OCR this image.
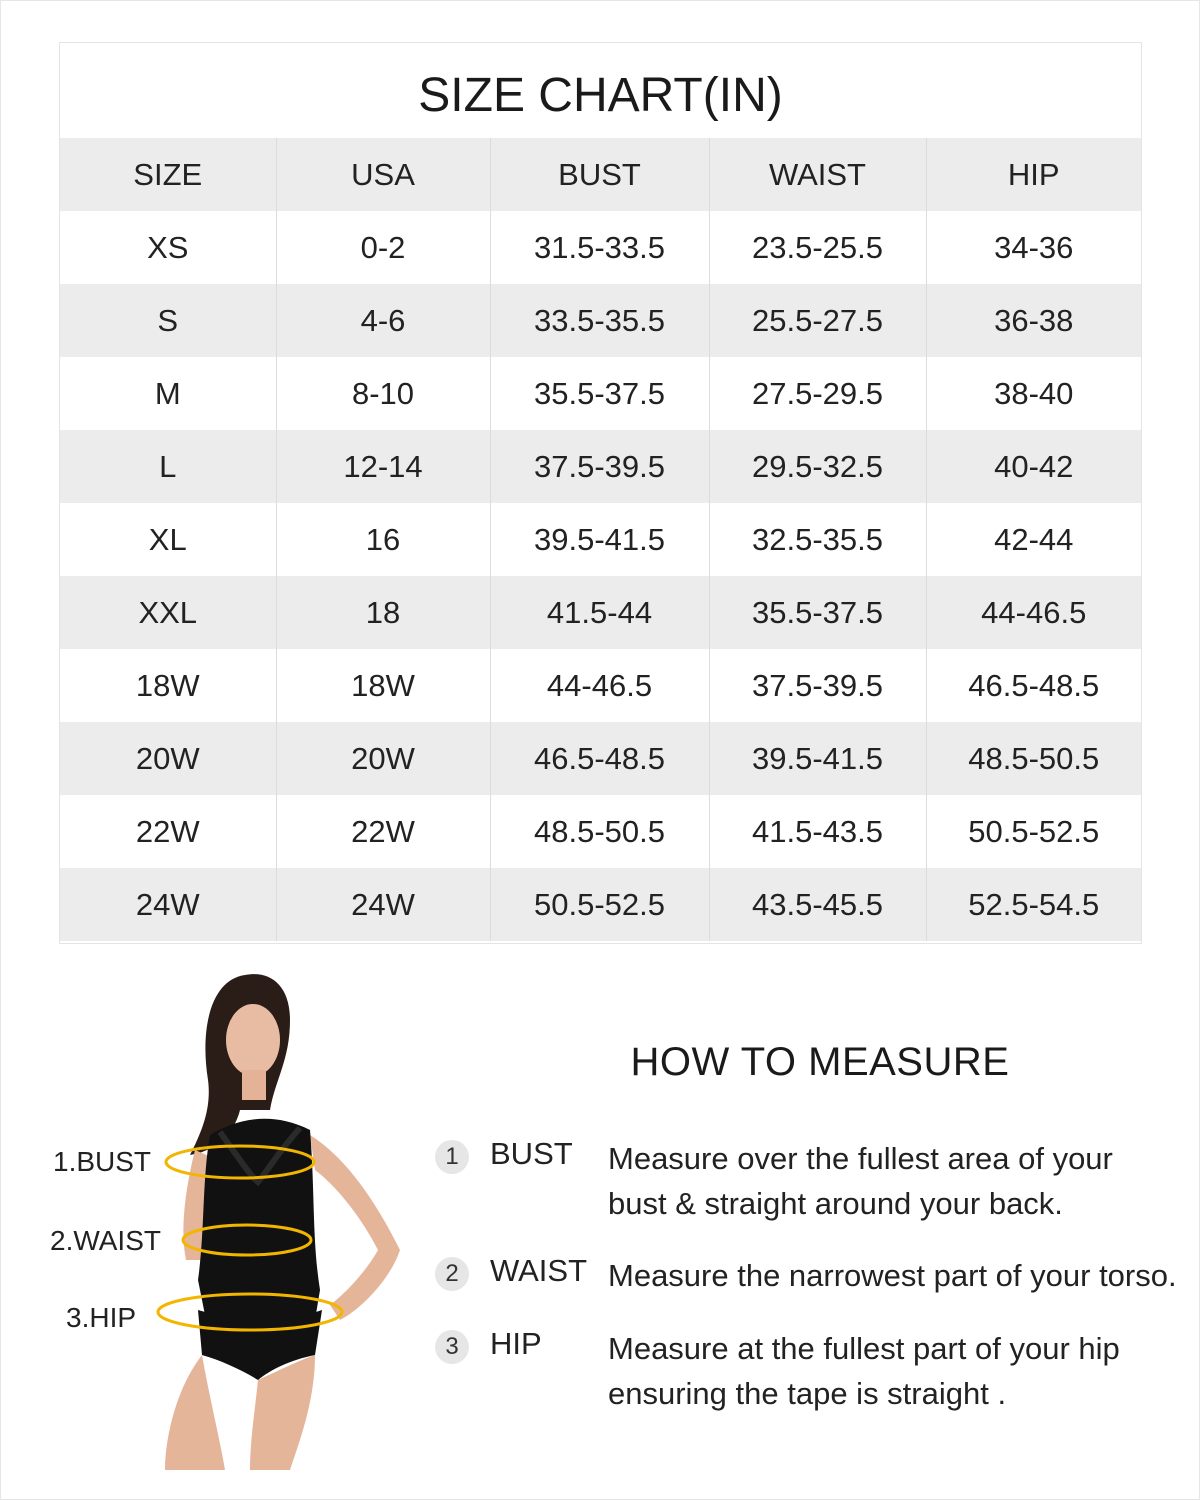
SIZE CHART(IN)
SIZE	USA	BUST	WAIST	HIP
XS	0-2	31.5-33.5	23.5-25.5	34-36
S	4-6	33.5-35.5	25.5-27.5	36-38
M	8-10	35.5-37.5	27.5-29.5	38-40
L	12-14	37.5-39.5	29.5-32.5	40-42
XL	16	39.5-41.5	32.5-35.5	42-44
XXL	18	41.5-44	35.5-37.5	44-46.5
18W	18W	44-46.5	37.5-39.5	46.5-48.5
20W	20W	46.5-48.5	39.5-41.5	48.5-50.5
22W	22W	48.5-50.5	41.5-43.5	50.5-52.5
24W	24W	50.5-52.5	43.5-45.5	52.5-54.5
1.BUST
2.WAIST
3.HIP
HOW TO MEASURE
1	BUST Measure over the fullest area of your
bust & straight around your back.
2	WAIST Measure the narrowest part of your torso.
3	HIP Measure at the fullest part of your hip
ensuring the tape is straight .
